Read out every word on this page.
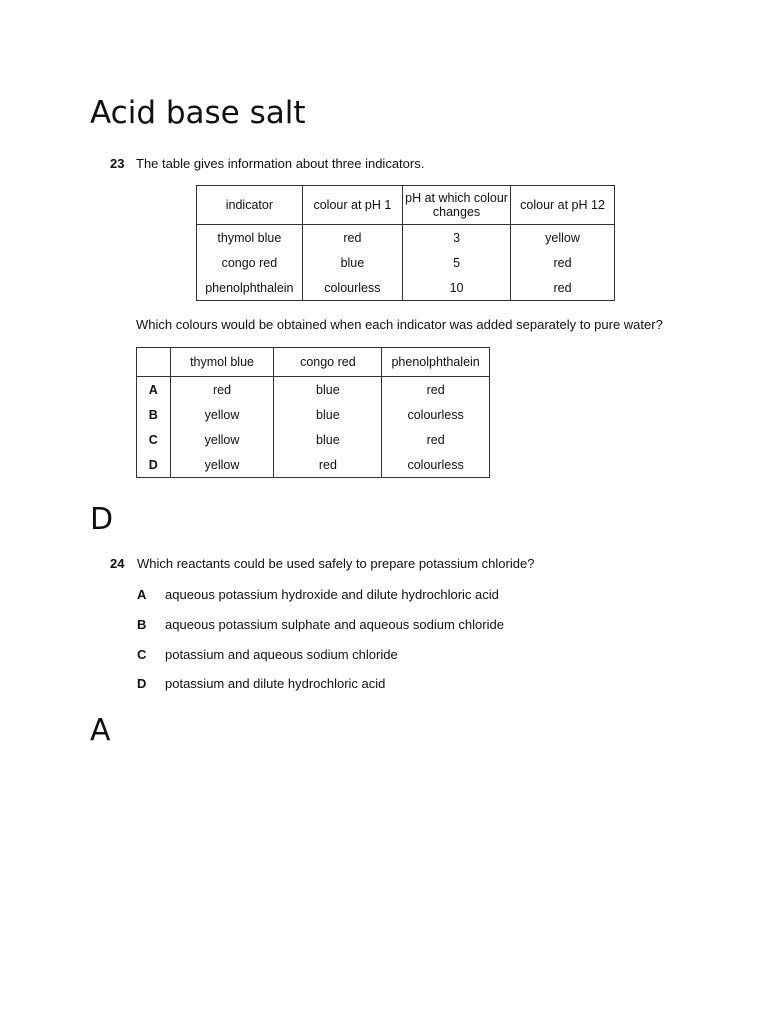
Acid base salt
23 The table gives information about three indicators.
indicator	colour at pH 1	pH at which colour changes	colour at pH 12
thymol blue	red	3	yellow
congo red	blue	5	red
phenolphthalein	colourless	10	red
Which colours would be obtained when each indicator was added separately to pure water?
	thymol blue	congo red	phenolphthalein
A	red	blue	red
B	yellow	blue	colourless
C	yellow	blue	red
D	yellow	red	colourless
D
24 Which reactants could be used safely to prepare potassium chloride?
A aqueous potassium hydroxide and dilute hydrochloric acid
B aqueous potassium sulphate and aqueous sodium chloride
C potassium and aqueous sodium chloride
D potassium and dilute hydrochloric acid
A
